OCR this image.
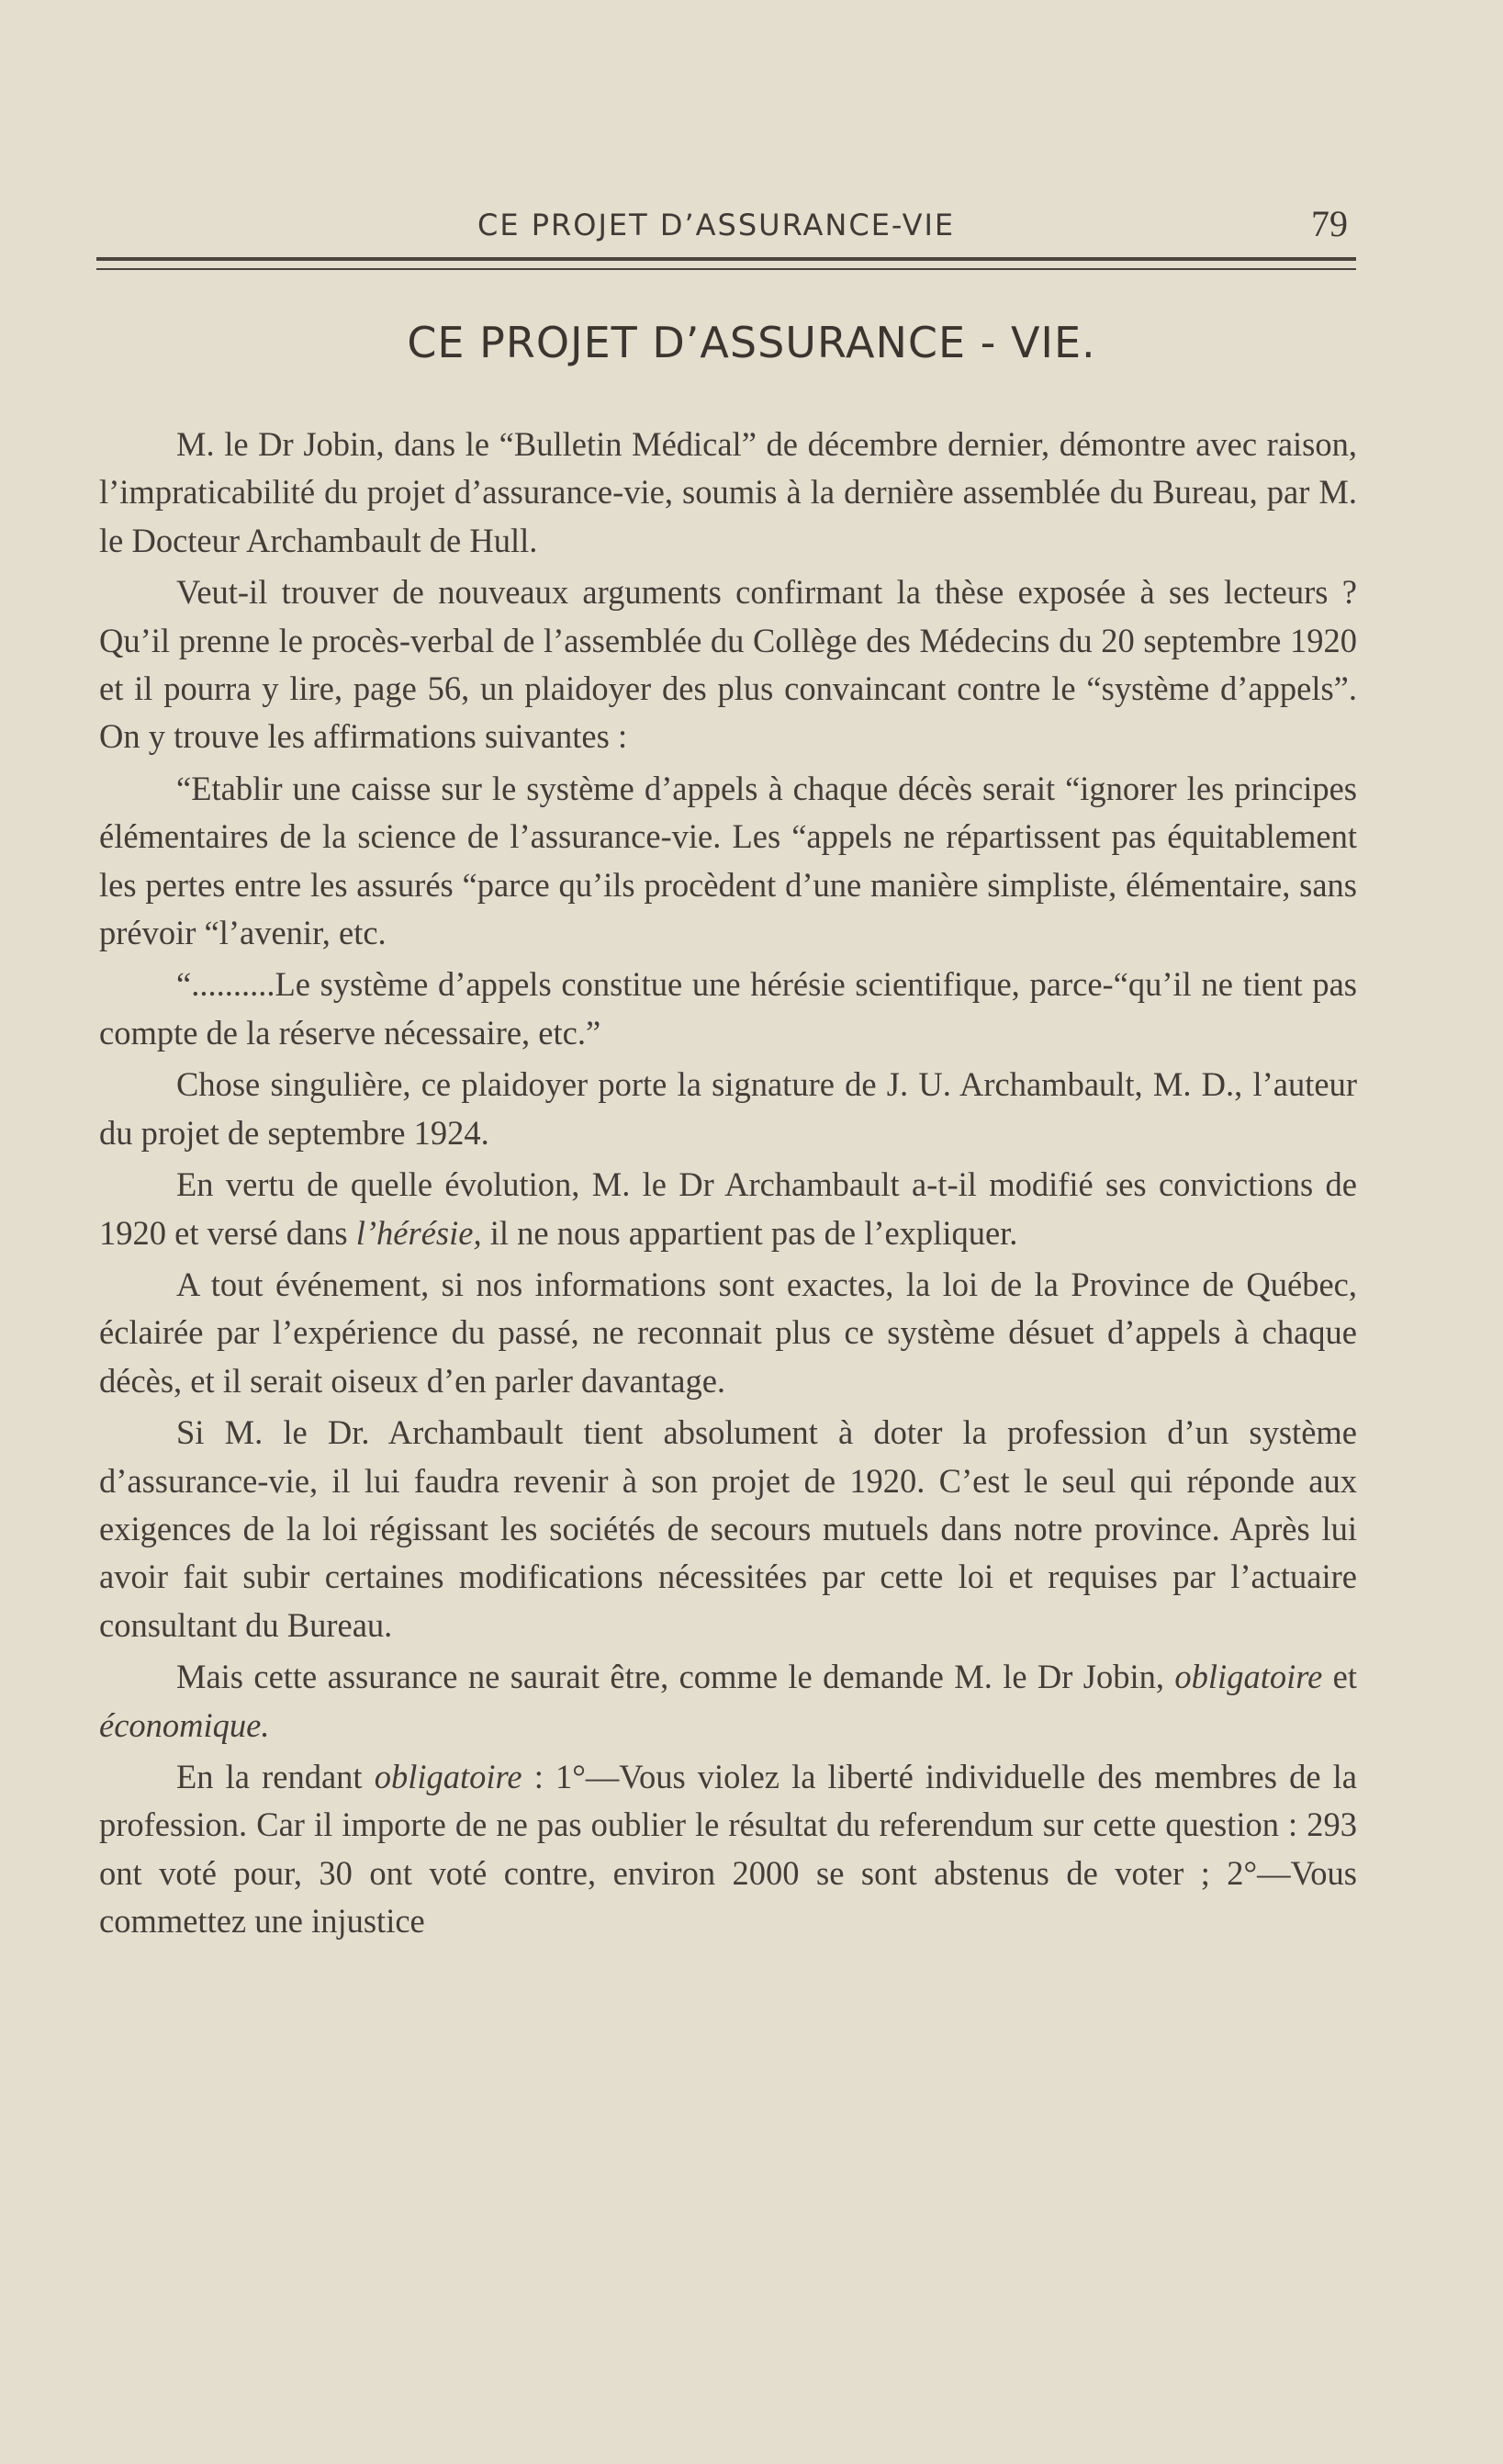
CE PROJET D’ASSURANCE-VIE	79
CE PROJET D’ASSURANCE - VIE.

M. le Dr Jobin, dans le “Bulletin Médical” de décembre dernier, démontre avec raison, l’impraticabilité du projet d’assurance-vie, soumis à la dernière assemblée du Bureau, par M. le Docteur Archambault de Hull.

Veut-il trouver de nouveaux arguments confirmant la thèse exposée à ses lecteurs ? Qu’il prenne le procès-verbal de l’assemblée du Collège des Médecins du 20 septembre 1920 et il pourra y lire, page 56, un plaidoyer des plus convaincant contre le “système d’appels”. On y trouve les affirmations suivantes :

“Etablir une caisse sur le système d’appels à chaque décès serait “ignorer les principes élémentaires de la science de l’assurance-vie. Les “appels ne répartissent pas équitablement les pertes entre les assurés “parce qu’ils procèdent d’une manière simpliste, élémentaire, sans prévoir “l’avenir, etc.

“..........Le système d’appels constitue une hérésie scientifique, parce-“qu’il ne tient pas compte de la réserve nécessaire, etc.”

Chose singulière, ce plaidoyer porte la signature de J. U. Archambault, M. D., l’auteur du projet de septembre 1924.

En vertu de quelle évolution, M. le Dr Archambault a-t-il modifié ses convictions de 1920 et versé dans l’hérésie, il ne nous appartient pas de l’expliquer.

A tout événement, si nos informations sont exactes, la loi de la Province de Québec, éclairée par l’expérience du passé, ne reconnait plus ce système désuet d’appels à chaque décès, et il serait oiseux d’en parler davantage.

Si M. le Dr. Archambault tient absolument à doter la profession d’un système d’assurance-vie, il lui faudra revenir à son projet de 1920. C’est le seul qui réponde aux exigences de la loi régissant les sociétés de secours mutuels dans notre province. Après lui avoir fait subir certaines modifications nécessitées par cette loi et requises par l’actuaire consultant du Bureau.

Mais cette assurance ne saurait être, comme le demande M. le Dr Jobin, obligatoire et économique.

En la rendant obligatoire : 1°—Vous violez la liberté individuelle des membres de la profession. Car il importe de ne pas oublier le résultat du referendum sur cette question : 293 ont voté pour, 30 ont voté contre, environ 2000 se sont abstenus de voter ; 2°—Vous commettez une injustice
